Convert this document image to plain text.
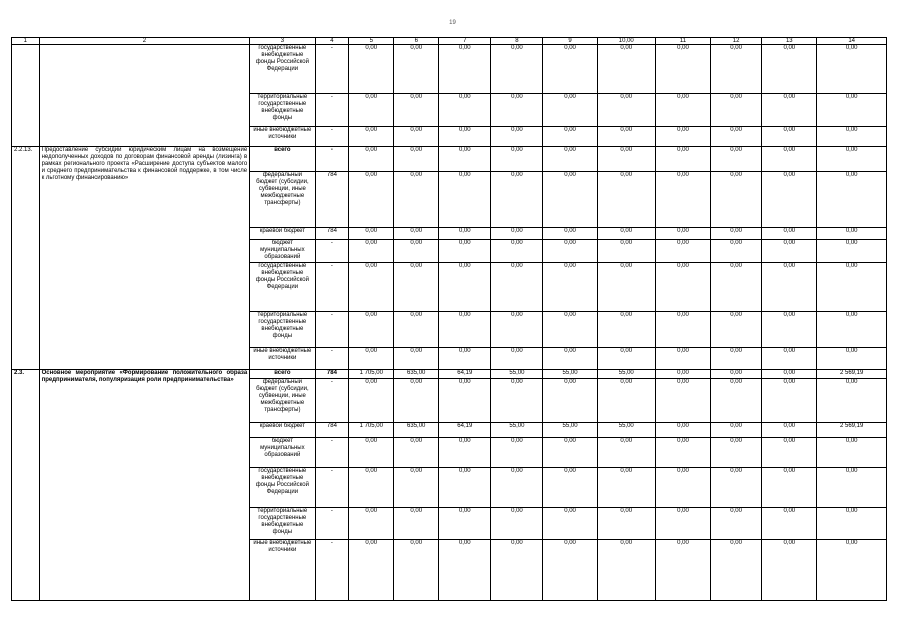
19
1	2	3	4	5	6	7	8	9	10,00	11	12	13	14
		государственные внебюджетные фонды Российской Федерации	-	0,00	0,00	0,00	0,00	0,00	0,00	0,00	0,00	0,00	0,00
		территориальные государственные внебюджетные фонды	-	0,00	0,00	0,00	0,00	0,00	0,00	0,00	0,00	0,00	0,00
		иные внебюджетные источники	-	0,00	0,00	0,00	0,00	0,00	0,00	0,00	0,00	0,00	0,00
2.2.13.	Предоставление субсидий юридическим лицам на возмещение недополученных доходов по договорам финансовой аренды (лизинга) в рамках регионального проекта «Расширение доступа субъектов малого и среднего предпринимательства к финансовой поддержке, в том числе к льготному финансированию»	всего	-	0,00	0,00	0,00	0,00	0,00	0,00	0,00	0,00	0,00	0,00
		федеральный бюджет (субсидии, субвенции, иные межбюджетные трансферты)	784	0,00	0,00	0,00	0,00	0,00	0,00	0,00	0,00	0,00	0,00
		краевой бюджет	784	0,00	0,00	0,00	0,00	0,00	0,00	0,00	0,00	0,00	0,00
		бюджет муниципальных образований	-	0,00	0,00	0,00	0,00	0,00	0,00	0,00	0,00	0,00	0,00
		государственные внебюджетные фонды Российской Федерации	-	0,00	0,00	0,00	0,00	0,00	0,00	0,00	0,00	0,00	0,00
		территориальные государственные внебюджетные фонды	-	0,00	0,00	0,00	0,00	0,00	0,00	0,00	0,00	0,00	0,00
		иные внебюджетные источники	-	0,00	0,00	0,00	0,00	0,00	0,00	0,00	0,00	0,00	0,00
2.3.	Основное мероприятие «Формирование положительного образа предпринимателя, популяризация роли предпринимательства»	всего	784	1 705,00	635,00	64,19	55,00	55,00	55,00	0,00	0,00	0,00	2 569,19
		федеральный бюджет (субсидии, субвенции, иные межбюджетные трансферты)	-	0,00	0,00	0,00	0,00	0,00	0,00	0,00	0,00	0,00	0,00
		краевой бюджет	784	1 705,00	635,00	64,19	55,00	55,00	55,00	0,00	0,00	0,00	2 569,19
		бюджет муниципальных образований	-	0,00	0,00	0,00	0,00	0,00	0,00	0,00	0,00	0,00	0,00
		государственные внебюджетные фонды Российской Федерации	-	0,00	0,00	0,00	0,00	0,00	0,00	0,00	0,00	0,00	0,00
		территориальные государственные внебюджетные фонды	-	0,00	0,00	0,00	0,00	0,00	0,00	0,00	0,00	0,00	0,00
		иные внебюджетные источники	-	0,00	0,00	0,00	0,00	0,00	0,00	0,00	0,00	0,00	0,00
